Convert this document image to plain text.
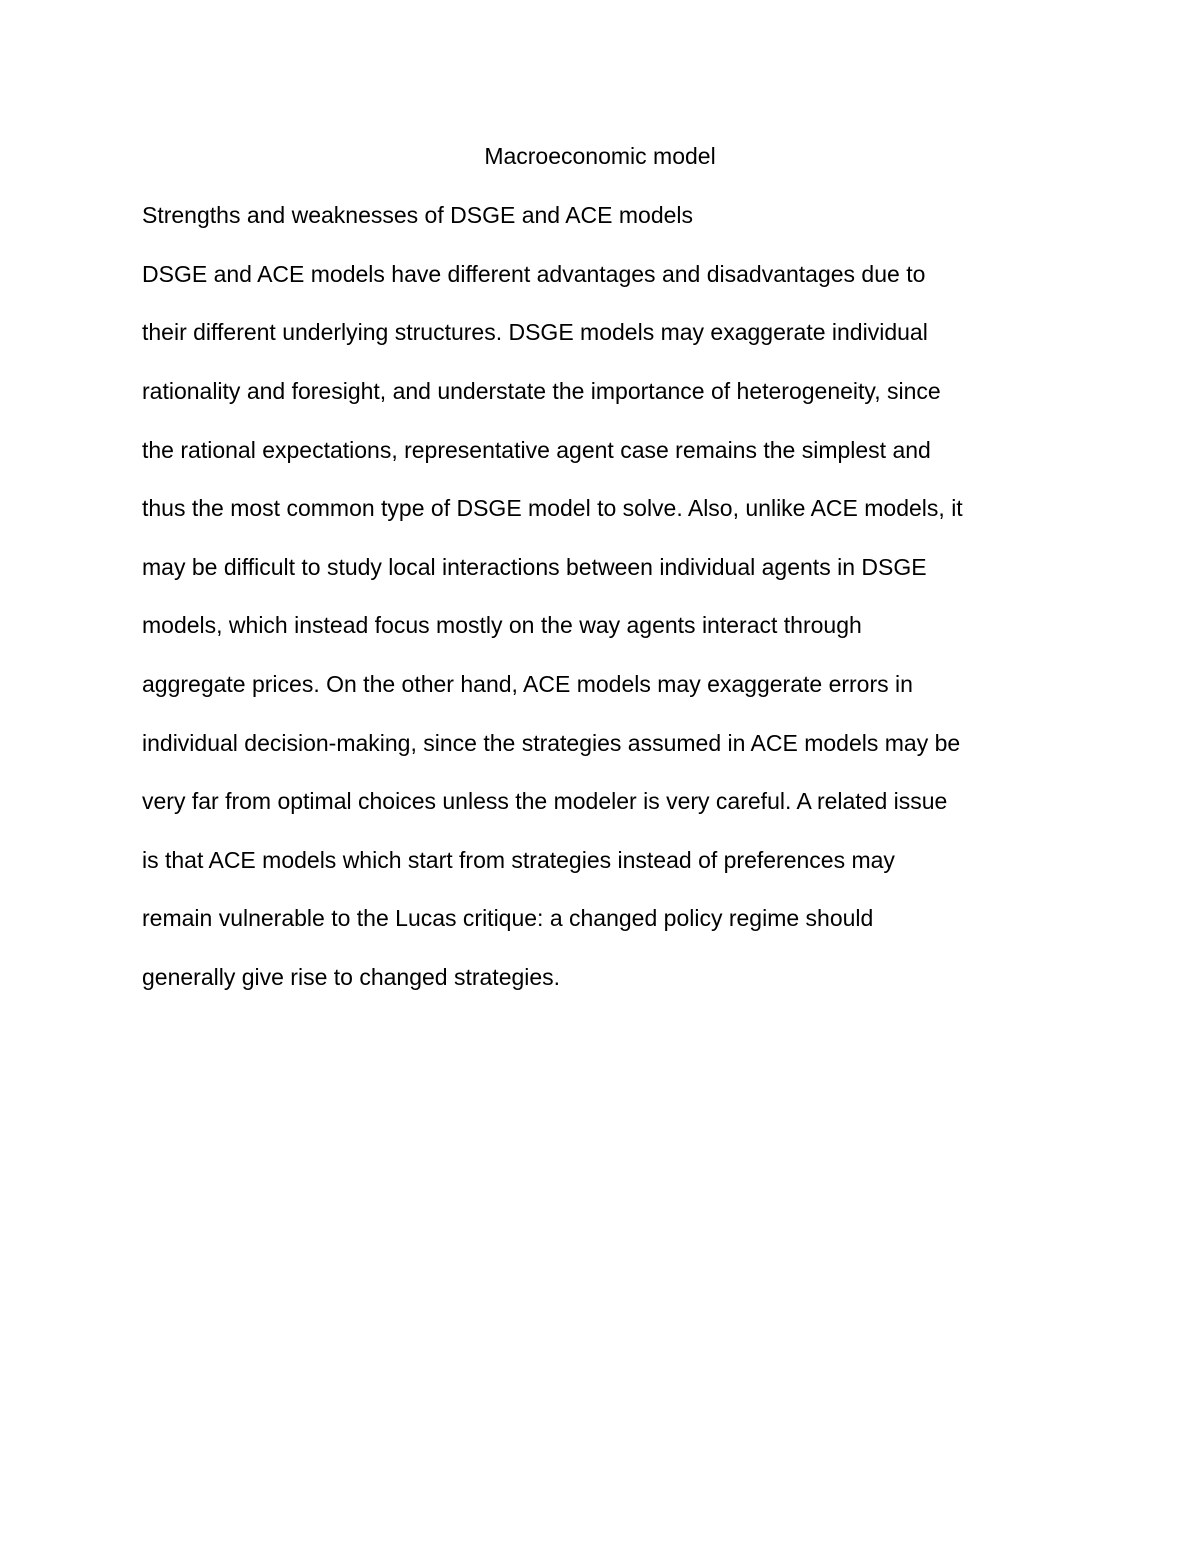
Macroeconomic model
Strengths and weaknesses of DSGE and ACE models
DSGE and ACE models have different advantages and disadvantages due to
their different underlying structures. DSGE models may exaggerate individual
rationality and foresight, and understate the importance of heterogeneity, since
the rational expectations, representative agent case remains the simplest and
thus the most common type of DSGE model to solve. Also, unlike ACE models, it
may be difficult to study local interactions between individual agents in DSGE
models, which instead focus mostly on the way agents interact through
aggregate prices. On the other hand, ACE models may exaggerate errors in
individual decision-making, since the strategies assumed in ACE models may be
very far from optimal choices unless the modeler is very careful. A related issue
is that ACE models which start from strategies instead of preferences may
remain vulnerable to the Lucas critique: a changed policy regime should
generally give rise to changed strategies.
